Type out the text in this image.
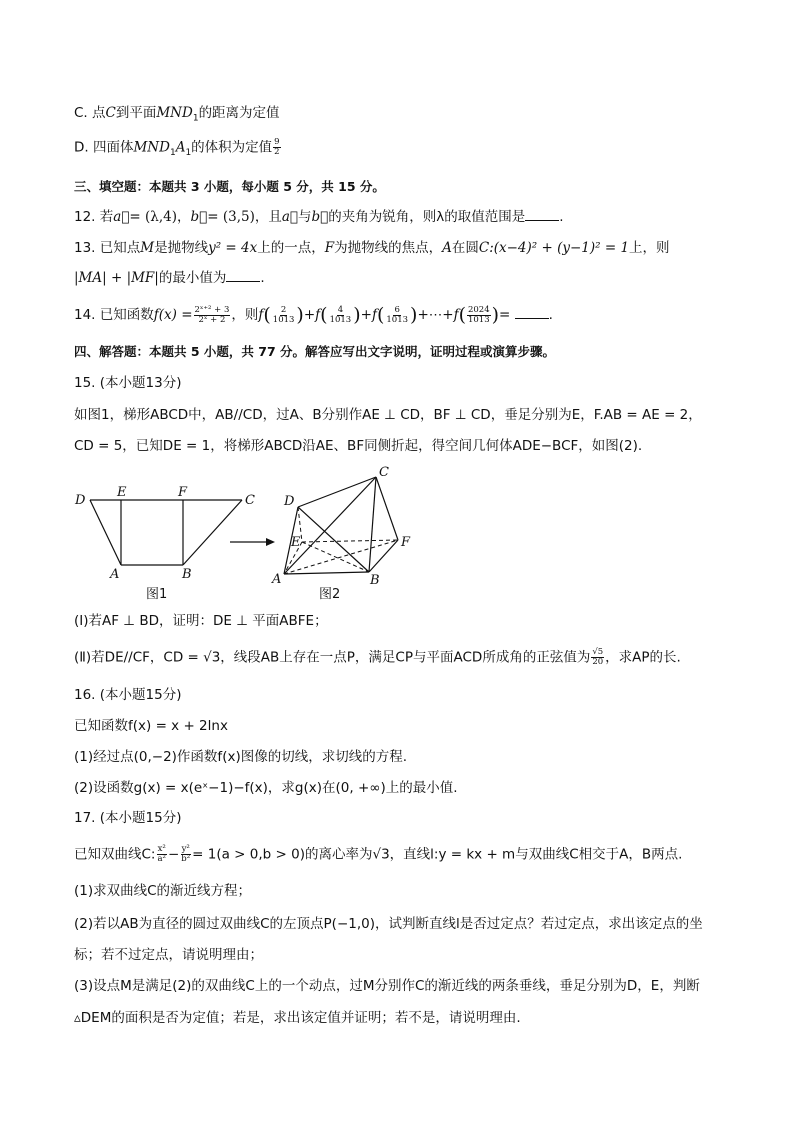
C. 点C到平面$MND_1$的距离为定值
D. 四面体$MND_1A_1$的体积为定值 $\frac{9}{2}$
三、填空题：本题共 3 小题，每小题 5 分，共 15 分。
12. 若a⃗= (λ,4)，b⃗= (3,5)，且a⃗与b⃗的夹角为锐角，则λ的取值范围是	.
13. 已知点M是抛物线y² = 4x上的一点，F为抛物线的焦点，A在圆C:(x−4)² + (y−1)² = 1上，则
|MA| + |MF|的最小值为	.
14. 已知函数$f(x) = \frac{\text{2ˣ⁺² + 3}}{\text{2ˣ + 2}}$ ，则$f( \frac{2}{1013} )+f( \frac{4}{1013} )+f( \frac{6}{1013}$ )+⋯+f( $\frac{2024}{1013}$ )=	.
四、解答题：本题共 5 小题，共 77 分。解答应写出文字说明，证明过程或演算步骤。
15. (本小题13分)
如图1，梯形ABCD中，AB//CD，过A、B分别作AE ⊥ CD，BF ⊥ CD，垂足分别为E，F.AB = AE = 2，
CD = 5，已知DE = 1，将梯形ABCD沿AE、BF同侧折起，得空间几何体ADE−BCF，如图(2).
D
E	F
C
A	B
图1
D
C
E	F
A	B
图2
(Ⅰ)若AF ⊥ BD，证明：DE ⊥ 平面ABFE；
(Ⅱ)若DE//CF，CD = √3，线段AB上存在一点P，满足CP与平面ACD所成角的正弦值为 $\frac{√5}{20}$ ，求AP的长.
16. (本小题15分)
已知函数f(x) = x + 2lnx
(1)经过点(0,−2)作函数f(x)图像的切线，求切线的方程.
(2)设函数g(x) = x(eˣ−1)−f(x)，求g(x)在(0, +∞)上的最小值.
17. (本小题15分)
已知双曲线C: $\frac{\text{x²}}{\text{a²}} - \frac{\text{y²}}{\text{b²}} = 1(a > 0,b > 0)$的离心率为√3，直线l:y = kx + m与双曲线C相交于A，B两点.
(1)求双曲线C的渐近线方程；
(2)若以AB为直径的圆过双曲线C的左顶点P(−1,0)，试判断直线l是否过定点？若过定点，求出该定点的坐
标；若不过定点，请说明理由；
(3)设点M是满足(2)的双曲线C上的一个动点，过M分别作C的渐近线的两条垂线，垂足分别为D，E，判断
▵DEM的面积是否为定值；若是，求出该定值并证明；若不是，请说明理由.
